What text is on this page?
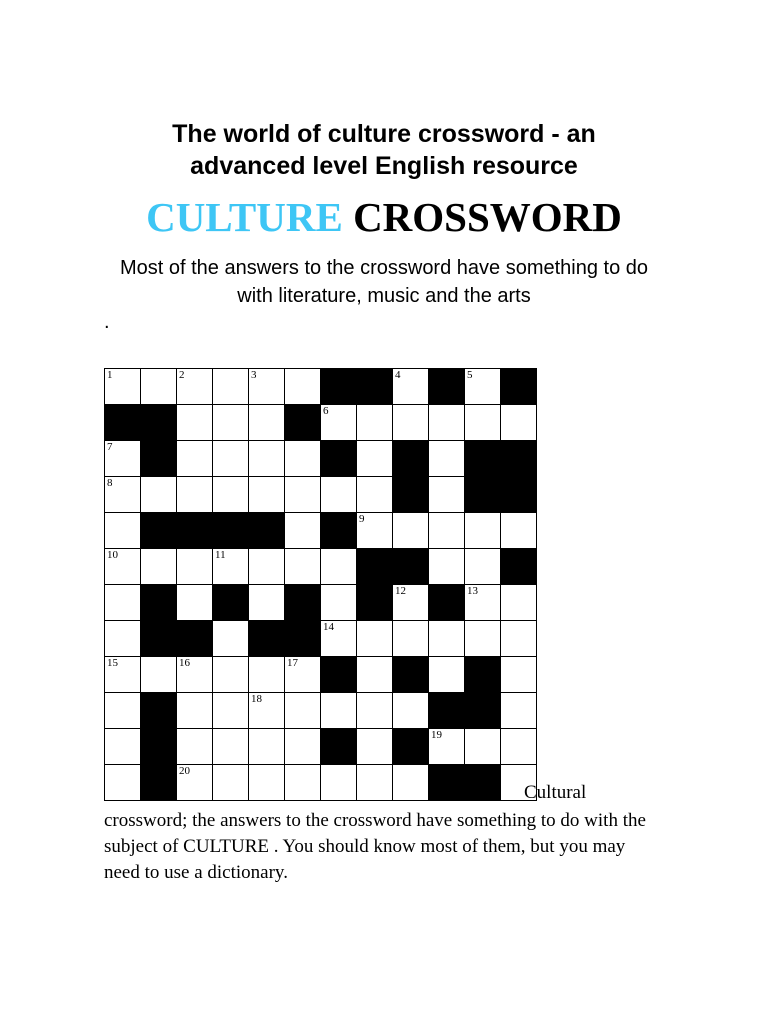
The world of culture crossword - an advanced level English resource
CULTURE CROSSWORD
Most of the answers to the crossword have something to do with literature, music and the arts
.
1		2		3				4		5	

						6					

7											

8											

							9				

10			11								

								12		13	

						14					

15		16			17						

				18							

									19		

		20									

Cultural
crossword; the answers to the crossword have something to do with the subject of CULTURE . You should know most of them, but you may need to use a dictionary.
